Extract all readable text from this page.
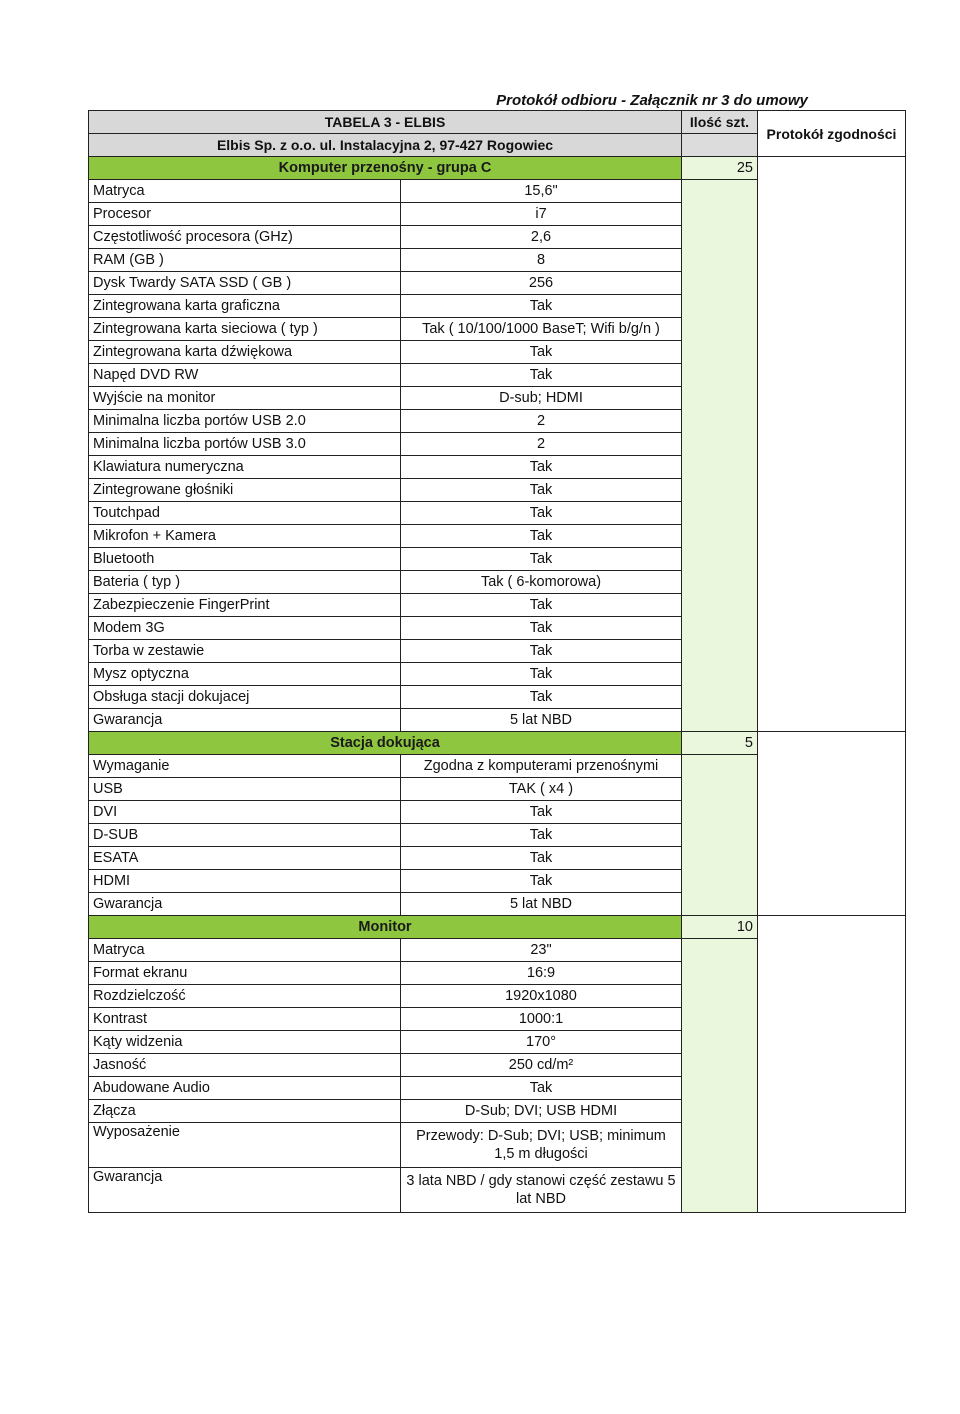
Protokół odbioru - Załącznik nr 3 do umowy
TABELA 3 - ELBIS		Ilość szt.	Protokół zgodności
Elbis Sp. z o.o. ul. Instalacyjna 2, 97-427 Rogowiec			
Komputer przenośny - grupa C		25	
Matryca	15,6"		
Procesor	i7		
Częstotliwość procesora (GHz)	2,6		
RAM (GB )	8		
Dysk Twardy SATA SSD ( GB )	256		
Zintegrowana karta graficzna	Tak		
Zintegrowana karta sieciowa ( typ )	Tak ( 10/100/1000 BaseT; Wifi b/g/n )		
Zintegrowana karta dźwiękowa	Tak		
Napęd DVD RW	Tak		
Wyjście na monitor	D-sub; HDMI		
Minimalna liczba portów USB 2.0	2		
Minimalna liczba portów USB 3.0	2		
Klawiatura numeryczna	Tak		
Zintegrowane głośniki	Tak		
Toutchpad	Tak		
Mikrofon + Kamera	Tak		
Bluetooth	Tak		
Bateria ( typ )	Tak ( 6-komorowa)		
Zabezpieczenie FingerPrint	Tak		
Modem 3G	Tak		
Torba w zestawie	Tak		
Mysz optyczna	Tak		
Obsługa stacji dokujacej	Tak		
Gwarancja	5 lat NBD		
Stacja dokująca		5	
Wymaganie	Zgodna z komputerami przenośnymi		
USB	TAK ( x4 )		
DVI	Tak		
D-SUB	Tak		
ESATA	Tak		
HDMI	Tak		
Gwarancja	5 lat NBD		
Monitor		10	
Matryca	23"		
Format ekranu	16:9		
Rozdzielczość	1920x1080		
Kontrast	1000:1		
Kąty widzenia	170°		
Jasność	250 cd/m²		
Abudowane Audio	Tak		
Złącza	D-Sub; DVI; USB HDMI		
Wyposażenie	Przewody: D-Sub; DVI; USB; minimum 1,5 m długości		
Gwarancja	3 lata NBD / gdy stanowi część zestawu 5 lat NBD		
